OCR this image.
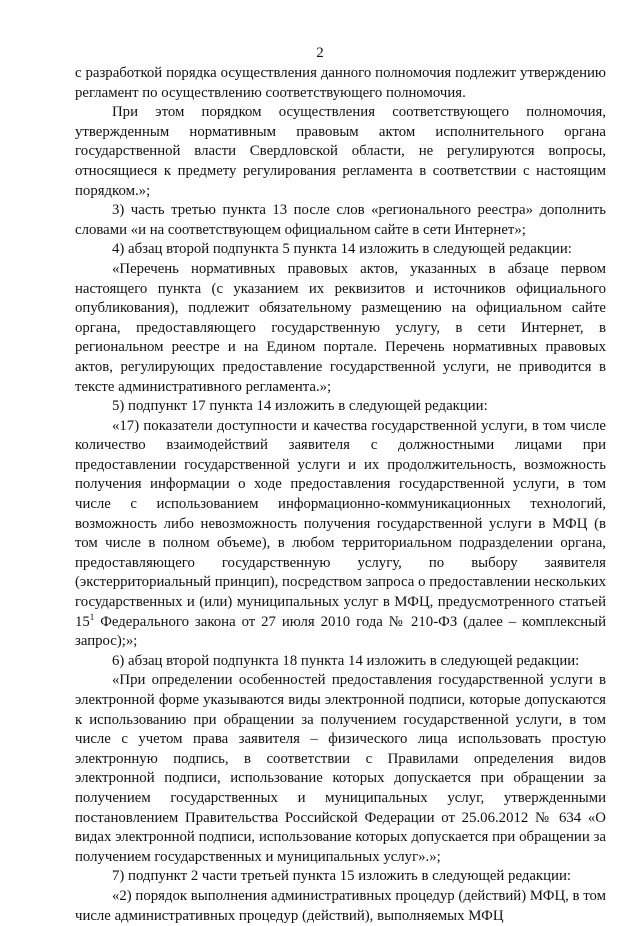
2

с разработкой порядка осуществления данного полномочия подлежит утверждению регламент по осуществлению соответствующего полномочия.

При этом порядком осуществления соответствующего полномочия, утвержденным нормативным правовым актом исполнительного органа государственной власти Свердловской области, не регулируются вопросы, относящиеся к предмету регулирования регламента в соответствии с настоящим порядком.»;

3) часть третью пункта 13 после слов «регионального реестра» дополнить словами «и на соответствующем официальном сайте в сети Интернет»;

4) абзац второй подпункта 5 пункта 14 изложить в следующей редакции:

«Перечень нормативных правовых актов, указанных в абзаце первом настоящего пункта (с указанием их реквизитов и источников официального опубликования), подлежит обязательному размещению на официальном сайте органа, предоставляющего государственную услугу, в сети Интернет, в региональном реестре и на Едином портале. Перечень нормативных правовых актов, регулирующих предоставление государственной услуги, не приводится в тексте административного регламента.»;

5) подпункт 17 пункта 14 изложить в следующей редакции:

«17) показатели доступности и качества государственной услуги, в том числе количество взаимодействий заявителя с должностными лицами при предоставлении государственной услуги и их продолжительность, возможность получения информации о ходе предоставления государственной услуги, в том числе с использованием информационно-коммуникационных технологий, возможность либо невозможность получения государственной услуги в МФЦ (в том числе в полном объеме), в любом территориальном подразделении органа, предоставляющего государственную услугу, по выбору заявителя (экстерриториальный принцип), посредством запроса о предоставлении нескольких государственных и (или) муниципальных услуг в МФЦ, предусмотренного статьей $15^1$ Федерального закона от 27 июля 2010 года № 210-ФЗ (далее – комплексный запрос);»;

6) абзац второй подпункта 18 пункта 14 изложить в следующей редакции:

«При определении особенностей предоставления государственной услуги в электронной форме указываются виды электронной подписи, которые допускаются к использованию при обращении за получением государственной услуги, в том числе с учетом права заявителя – физического лица использовать простую электронную подпись, в соответствии с Правилами определения видов электронной подписи, использование которых допускается при обращении за получением государственных и муниципальных услуг, утвержденными постановлением Правительства Российской Федерации от 25.06.2012 № 634 «О видах электронной подписи, использование которых допускается при обращении за получением государственных и муниципальных услуг».»;

7) подпункт 2 части третьей пункта 15 изложить в следующей редакции:

«2) порядок выполнения административных процедур (действий) МФЦ, в том числе административных процедур (действий), выполняемых МФЦ
